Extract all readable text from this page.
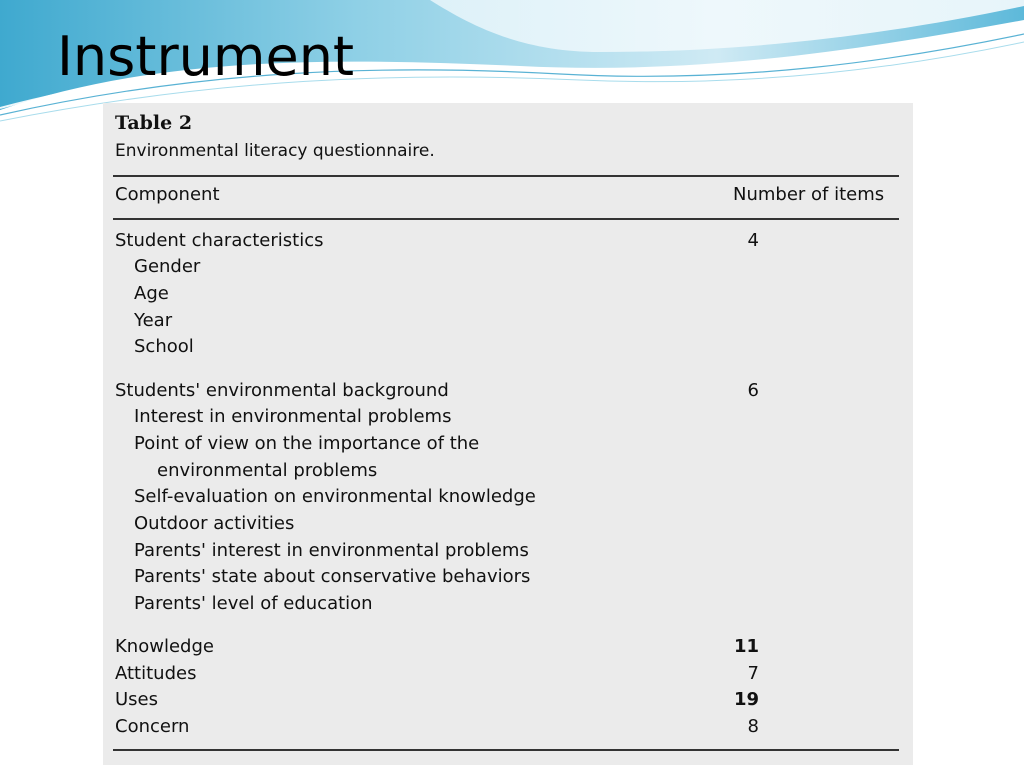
Instrument
Table 2
Environmental literacy questionnaire.
Component	Number of items
Student characteristics	4
Gender
Age
Year
School
Students' environmental background	6
Interest in environmental problems
Point of view on the importance of the
environmental problems
Self-evaluation on environmental knowledge
Outdoor activities
Parents' interest in environmental problems
Parents' state about conservative behaviors
Parents' level of education
Knowledge	11
Attitudes	7
Uses	19
Concern	8
